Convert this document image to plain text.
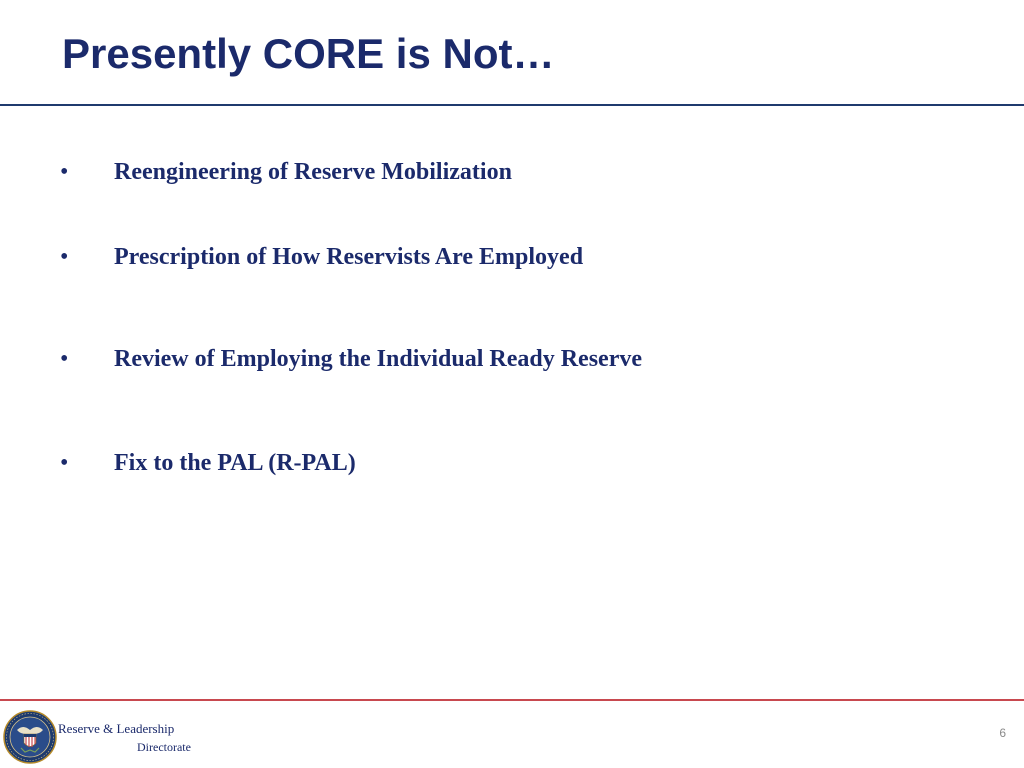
Presently CORE is Not…
• Reengineering of Reserve Mobilization
• Prescription of How Reservists Are Employed
• Review of Employing the Individual Ready Reserve
• Fix to the PAL (R-PAL)
Reserve & Leadership
Directorate
6
